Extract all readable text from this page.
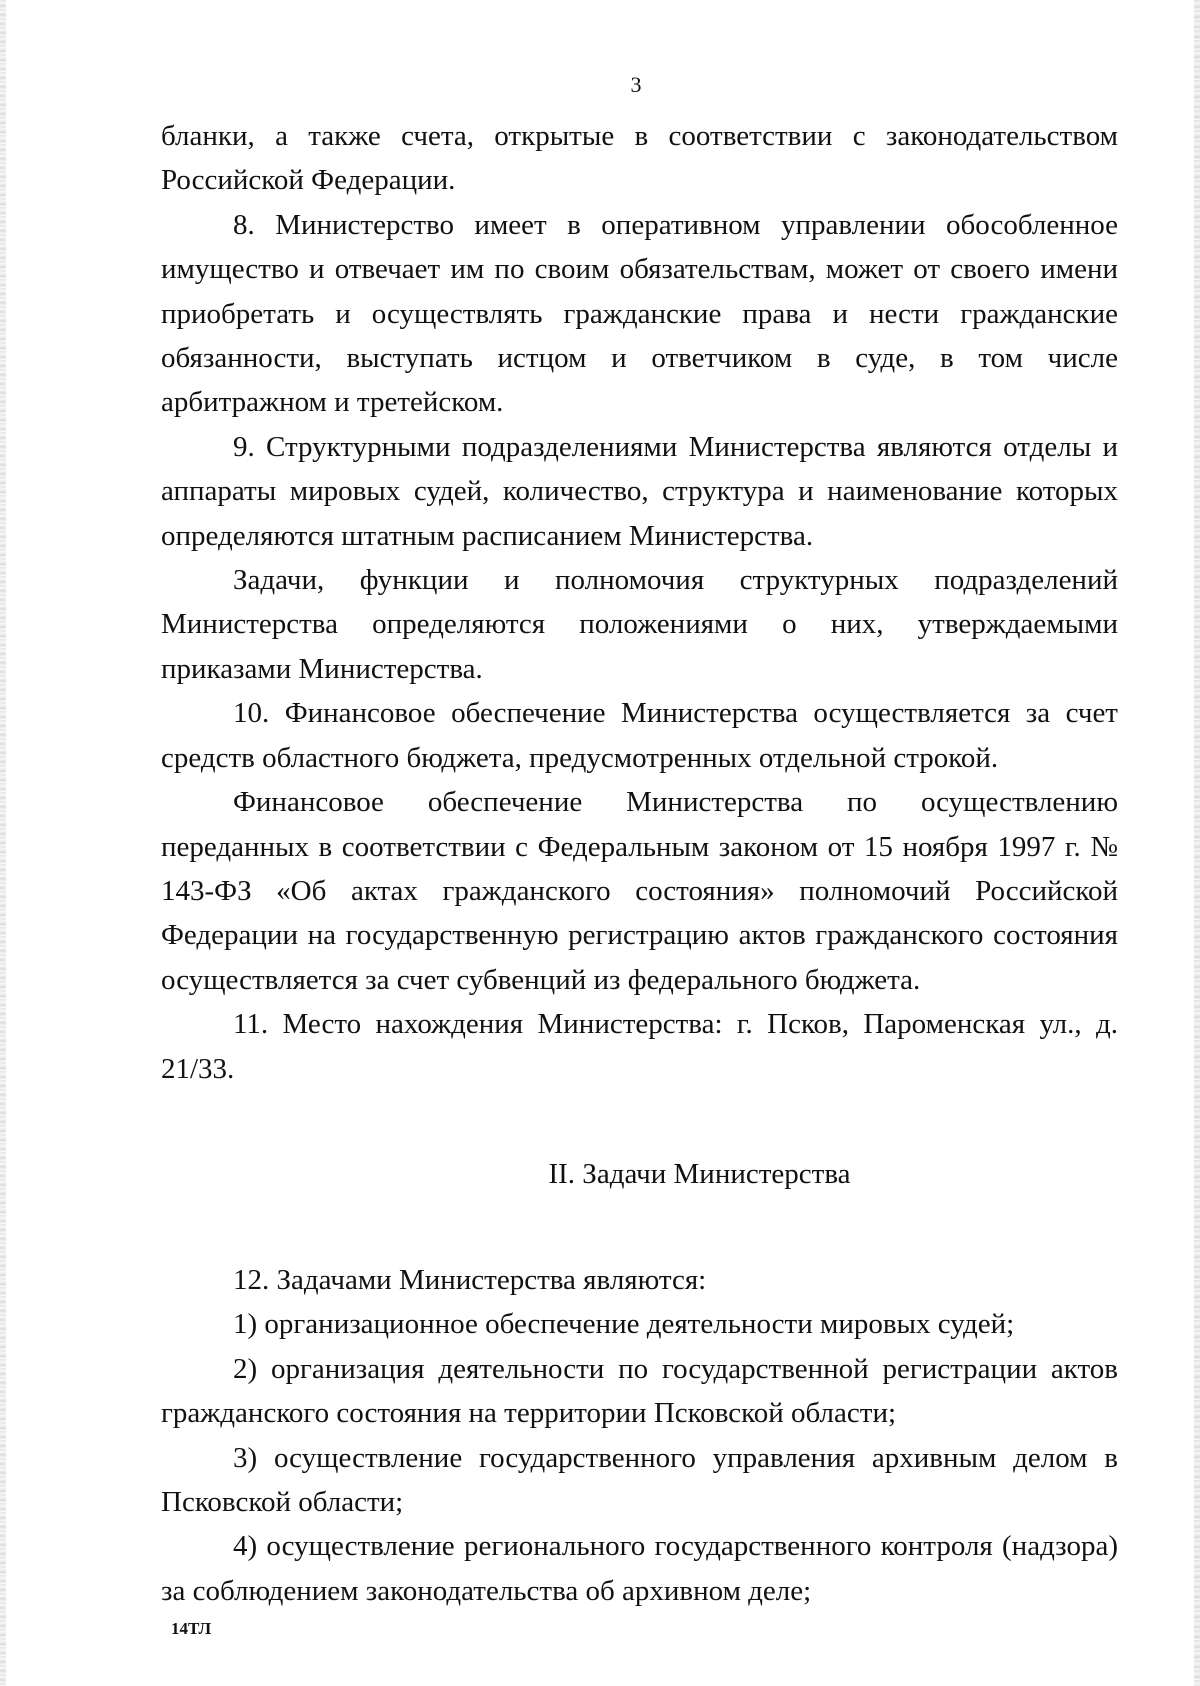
3

бланки, а также счета, открытые в соответствии с законодательством Российской Федерации.

8. Министерство имеет в оперативном управлении обособленное имущество и отвечает им по своим обязательствам, может от своего имени приобретать и осуществлять гражданские права и нести гражданские обязанности, выступать истцом и ответчиком в суде, в том числе арбитражном и третейском.

9. Структурными подразделениями Министерства являются отделы и аппараты мировых судей, количество, структура и наименование которых определяются штатным расписанием Министерства.

Задачи, функции и полномочия структурных подразделений Министерства определяются положениями о них, утверждаемыми приказами Министерства.

10. Финансовое обеспечение Министерства осуществляется за счет средств областного бюджета, предусмотренных отдельной строкой.

Финансовое обеспечение Министерства по осуществлению переданных в соответствии с Федеральным законом от 15 ноября 1997 г. № 143-ФЗ «Об актах гражданского состояния» полномочий Российской Федерации на государственную регистрацию актов гражданского состояния осуществляется за счет субвенций из федерального бюджета.

11. Место нахождения Министерства: г. Псков, Пароменская ул., д. 21/33.

II. Задачи Министерства

12. Задачами Министерства являются:

1) организационное обеспечение деятельности мировых судей;

2) организация деятельности по государственной регистрации актов гражданского состояния на территории Псковской области;

3) осуществление государственного управления архивным делом в Псковской области;

4) осуществление регионального государственного контроля (надзора) за соблюдением законодательства об архивном деле;

14ТЛ
